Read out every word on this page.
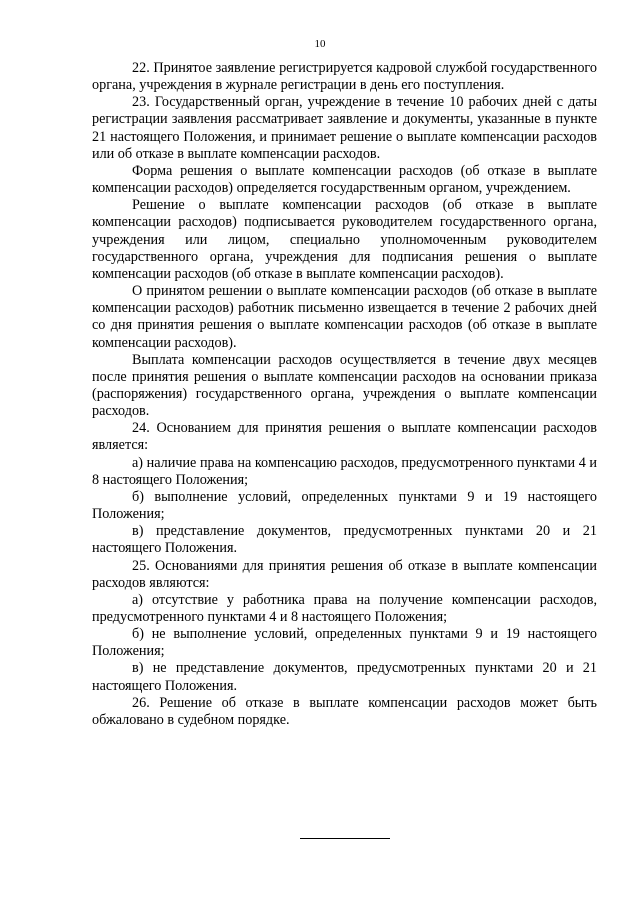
10

22. Принятое заявление регистрируется кадровой службой государственного органа, учреждения в журнале регистрации в день его поступления.

23. Государственный орган, учреждение в течение 10 рабочих дней с даты регистрации заявления рассматривает заявление и документы, указанные в пункте 21 настоящего Положения, и принимает решение о выплате компенсации расходов или об отказе в выплате компенсации расходов.

Форма решения о выплате компенсации расходов (об отказе в выплате компенсации расходов) определяется государственным органом, учреждением.

Решение о выплате компенсации расходов (об отказе в выплате компенсации расходов) подписывается руководителем государственного органа, учреждения или лицом, специально уполномоченным руководителем государственного органа, учреждения для подписания решения о выплате компенсации расходов (об отказе в выплате компенсации расходов).

О принятом решении о выплате компенсации расходов (об отказе в выплате компенсации расходов) работник письменно извещается в течение 2 рабочих дней со дня принятия решения о выплате компенсации расходов (об отказе в выплате компенсации расходов).

Выплата компенсации расходов осуществляется в течение двух месяцев после принятия решения о выплате компенсации расходов на основании приказа (распоряжения) государственного органа, учреждения о выплате компенсации расходов.

24. Основанием для принятия решения о выплате компенсации расходов является:

а) наличие права на компенсацию расходов, предусмотренного пунктами 4 и 8 настоящего Положения;

б) выполнение условий, определенных пунктами 9 и 19 настоящего Положения;

в) представление документов, предусмотренных пунктами 20 и 21 настоящего Положения.

25. Основаниями для принятия решения об отказе в выплате компенсации расходов являются:

а) отсутствие у работника права на получение компенсации расходов, предусмотренного пунктами 4 и 8 настоящего Положения;

б) не выполнение условий, определенных пунктами 9 и 19 настоящего Положения;

в) не представление документов, предусмотренных пунктами 20 и 21 настоящего Положения.

26. Решение об отказе в выплате компенсации расходов может быть обжаловано в судебном порядке.
